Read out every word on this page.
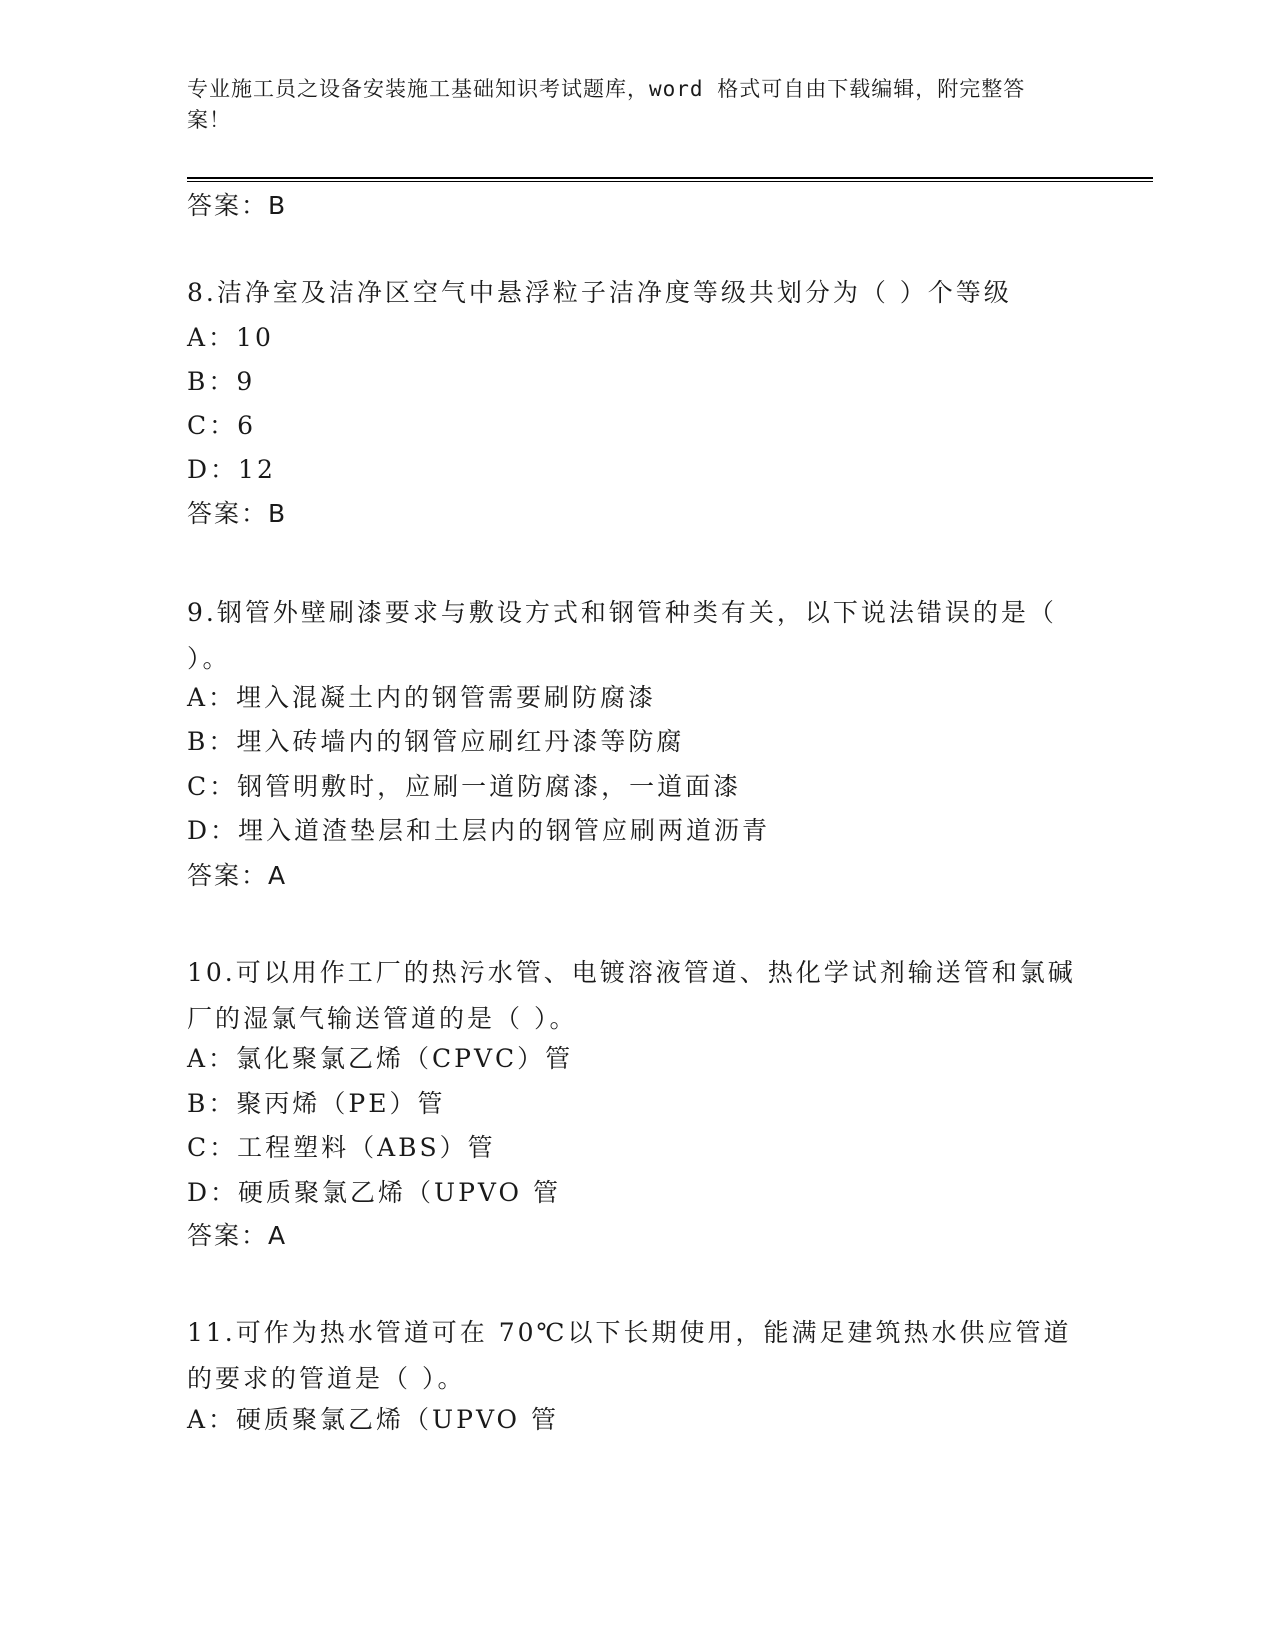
专业施工员之设备安装施工基础知识考试题库，word 格式可自由下载编辑，附完整答案！
答案：B
8.洁净室及洁净区空气中悬浮粒子洁净度等级共划分为（ ）个等级
A：10
B：9
C：6
D：12
答案：B
9.钢管外壁刷漆要求与敷设方式和钢管种类有关，以下说法错误的是（ ）。
A：埋入混凝土内的钢管需要刷防腐漆
B：埋入砖墙内的钢管应刷红丹漆等防腐
C：钢管明敷时，应刷一道防腐漆，一道面漆
D：埋入道渣垫层和土层内的钢管应刷两道沥青
答案：A
10.可以用作工厂的热污水管、电镀溶液管道、热化学试剂输送管和氯碱厂的湿氯气输送管道的是（ ）。
A：氯化聚氯乙烯（CPVC）管
B：聚丙烯（PE）管
C：工程塑料（ABS）管
D：硬质聚氯乙烯（UPVO 管
答案：A
11.可作为热水管道可在 70℃以下长期使用，能满足建筑热水供应管道的要求的管道是（ ）。
A：硬质聚氯乙烯（UPVO 管
